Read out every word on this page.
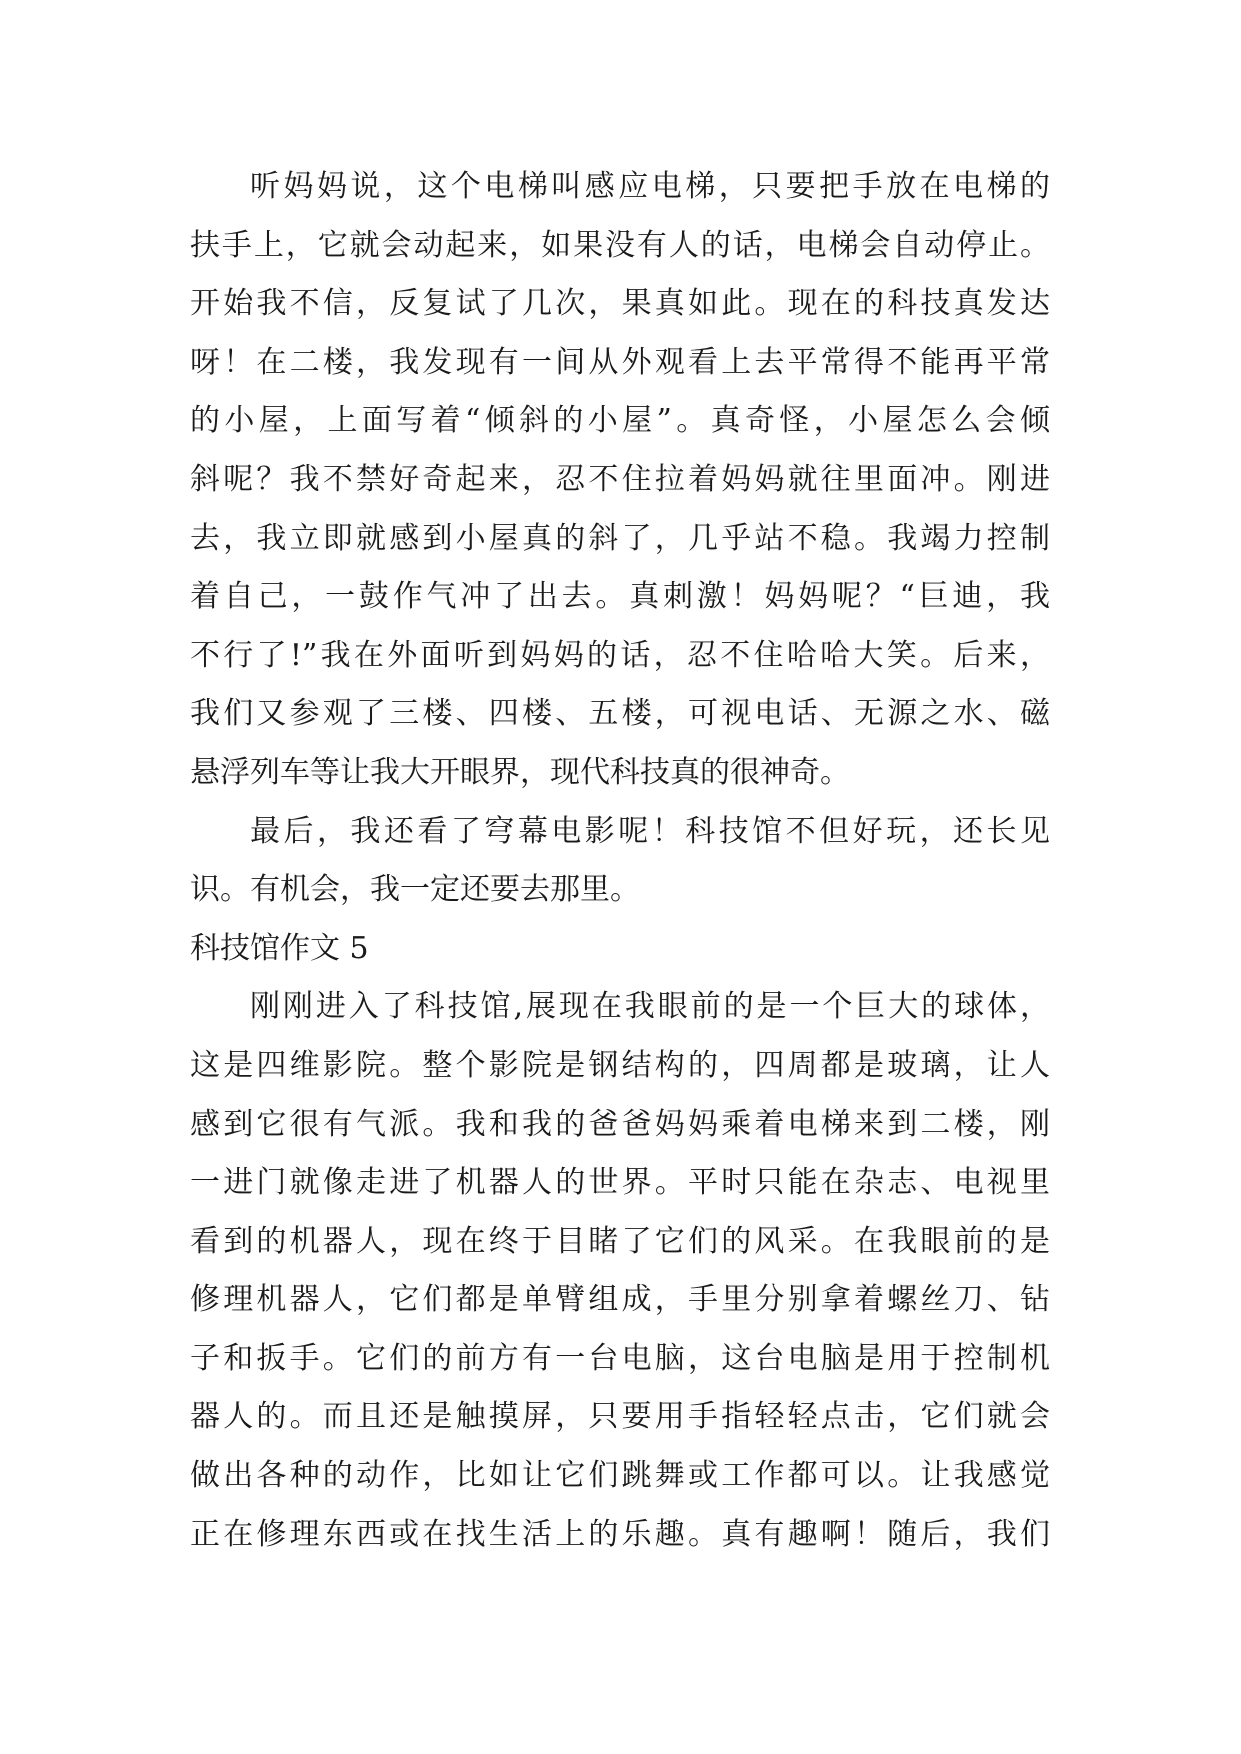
听妈妈说，这个电梯叫感应电梯，只要把手放在电梯的
扶手上，它就会动起来，如果没有人的话，电梯会自动停止。
开始我不信，反复试了几次，果真如此。现在的科技真发达
呀！在二楼，我发现有一间从外观看上去平常得不能再平常
的小屋，上面写着“倾斜的小屋”。真奇怪，小屋怎么会倾
斜呢？我不禁好奇起来，忍不住拉着妈妈就往里面冲。刚进
去，我立即就感到小屋真的斜了，几乎站不稳。我竭力控制
着自己，一鼓作气冲了出去。真刺激！妈妈呢？“巨迪，我
不行了!”我在外面听到妈妈的话，忍不住哈哈大笑。后来，
我们又参观了三楼、四楼、五楼，可视电话、无源之水、磁
悬浮列车等让我大开眼界，现代科技真的很神奇。
最后，我还看了穹幕电影呢！科技馆不但好玩，还长见
识。有机会，我一定还要去那里。
科技馆作文 5
刚刚进入了科技馆,展现在我眼前的是一个巨大的球体，
这是四维影院。整个影院是钢结构的，四周都是玻璃，让人
感到它很有气派。我和我的爸爸妈妈乘着电梯来到二楼，刚
一进门就像走进了机器人的世界。平时只能在杂志、电视里
看到的机器人，现在终于目睹了它们的风采。在我眼前的是
修理机器人，它们都是单臂组成，手里分别拿着螺丝刀、钻
子和扳手。它们的前方有一台电脑，这台电脑是用于控制机
器人的。而且还是触摸屏，只要用手指轻轻点击，它们就会
做出各种的动作，比如让它们跳舞或工作都可以。让我感觉
正在修理东西或在找生活上的乐趣。真有趣啊！随后，我们
